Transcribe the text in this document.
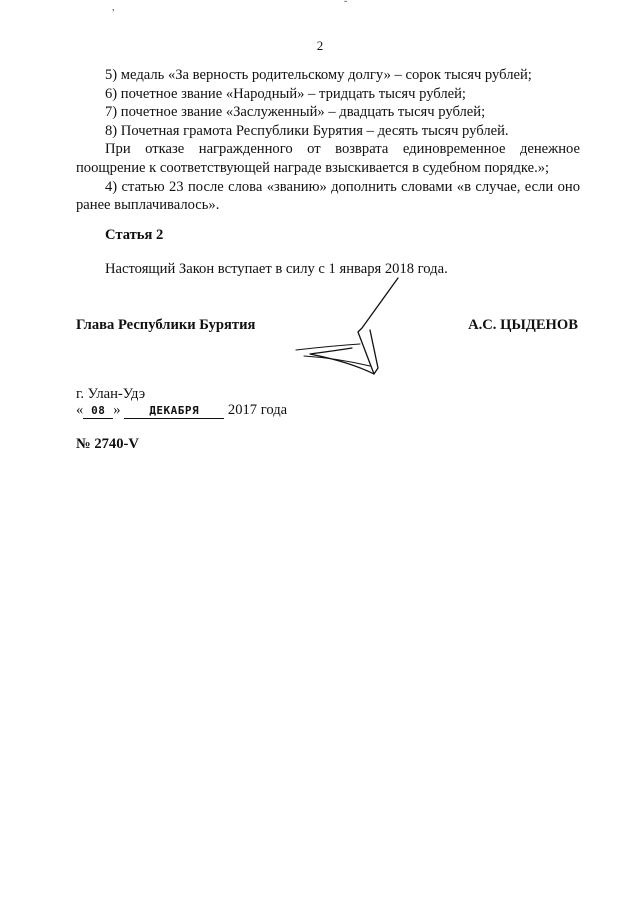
,	˘
2

5) медаль «За верность родительскому долгу» – сорок тысяч рублей;

6) почетное звание «Народный» – тридцать тысяч рублей;

7) почетное звание «Заслуженный» – двадцать тысяч рублей;

8) Почетная грамота Республики Бурятия – десять тысяч рублей.

При отказе награжденного от возврата единовременное денежное поощрение к соответствующей награде взыскивается в судебном порядке.»;

4) статью 23 после слова «званию» дополнить словами «в случае, если оно ранее выплачивалось».

Статья 2
Настоящий Закон вступает в силу с 1 января 2018 года.
Глава Республики Бурятия	А.С. ЦЫДЕНОВ
г. Улан-Удэ
« 08 »	ДЕКАБРЯ 2017 года
№ 2740-V
